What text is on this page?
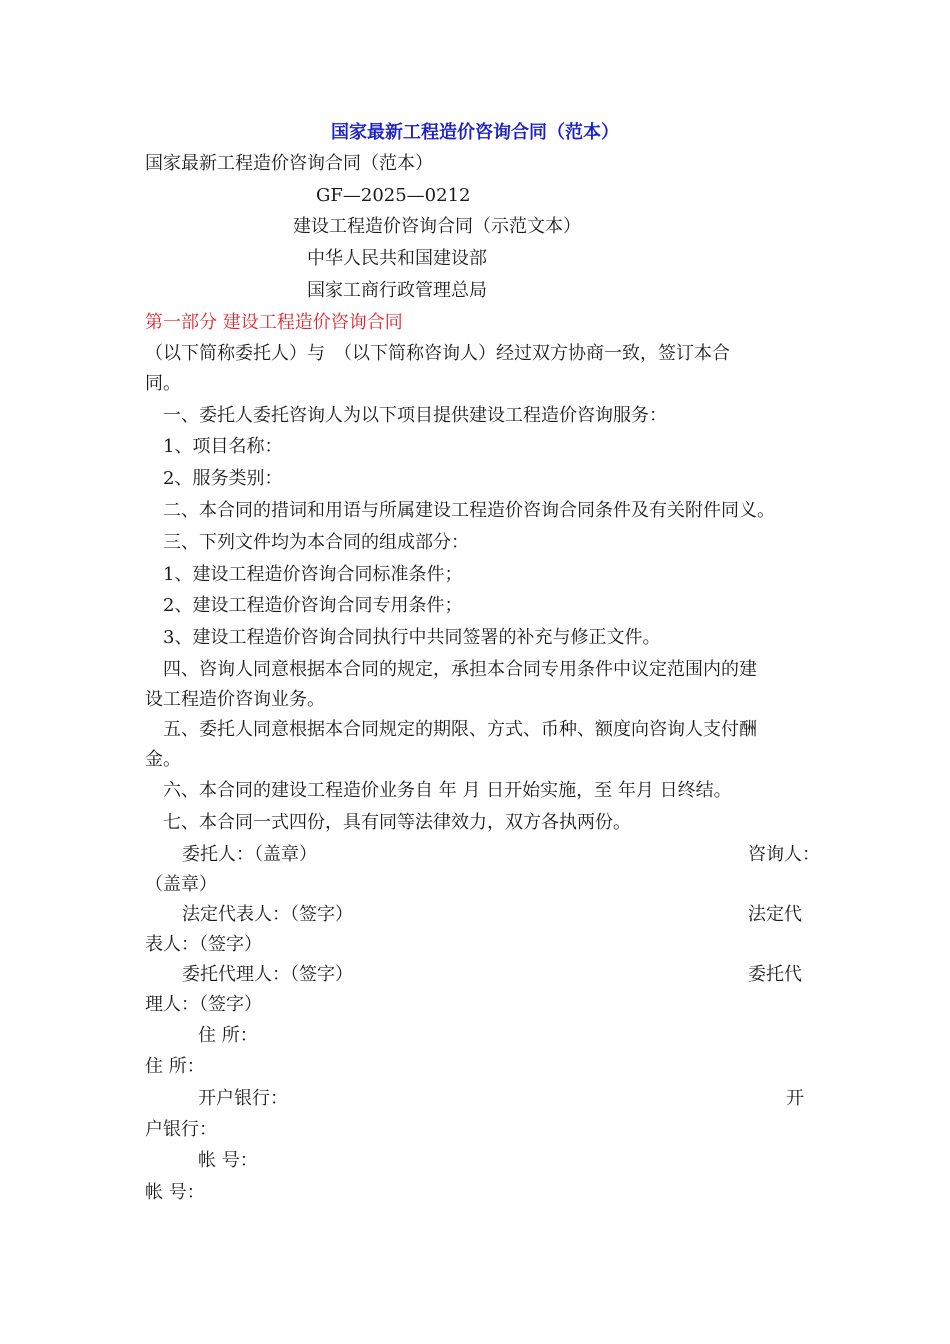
国家最新工程造价咨询合同（范本）
国家最新工程造价咨询合同（范本）
GF—2025—0212
建设工程造价咨询合同（示范文本）
中华人民共和国建设部
国家工商行政管理总局
第一部分 建设工程造价咨询合同
（以下简称委托人）与　（以下简称咨询人）经过双方协商一致，签订本合
同。
一、委托人委托咨询人为以下项目提供建设工程造价咨询服务：
1、项目名称：
2、服务类别：
二、本合同的措词和用语与所属建设工程造价咨询合同条件及有关附件同义。
三、下列文件均为本合同的组成部分：
1、建设工程造价咨询合同标准条件；
2、建设工程造价咨询合同专用条件；
3、建设工程造价咨询合同执行中共同签署的补充与修正文件。
四、咨询人同意根据本合同的规定，承担本合同专用条件中议定范围内的建
设工程造价咨询业务。
五、委托人同意根据本合同规定的期限、方式、币种、额度向咨询人支付酬
金。
六、本合同的建设工程造价业务自 年 月 日开始实施，至 年月 日终结。
七、本合同一式四份，具有同等法律效力，双方各执两份。
委托人：（盖章）	咨询人：
（盖章）
法定代表人：（签字）	法定代
表人：（签字）
委托代理人：（签字）	委托代
理人：（签字）
住 所：
住 所：
开户银行：	开
户银行：
帐 号：
帐 号：
